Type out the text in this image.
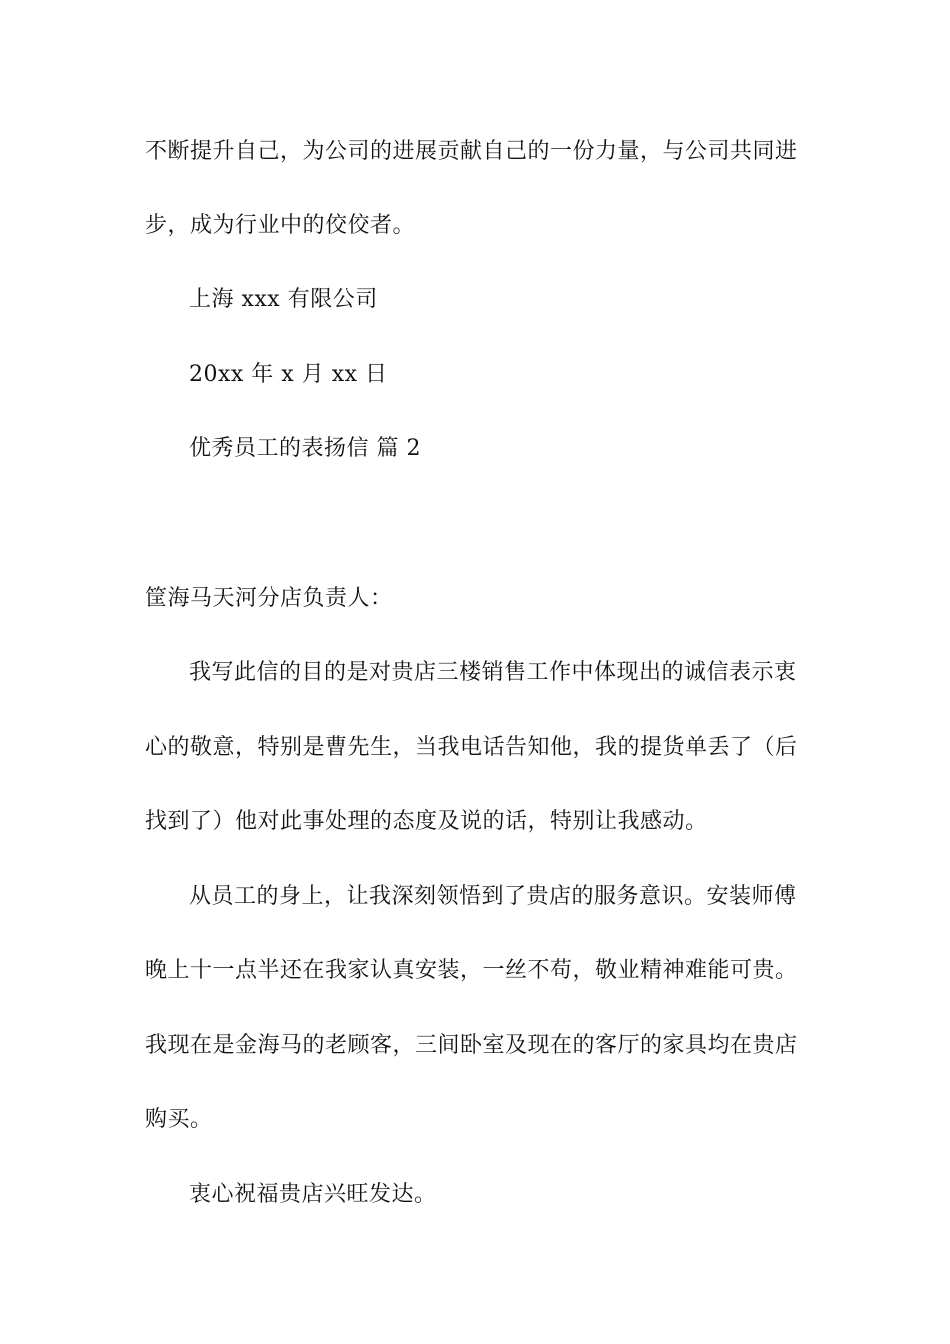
不断提升自己，为公司的进展贡献自己的一份力量，与公司共同进
步，成为行业中的佼佼者。
上海 xxx 有限公司
20xx 年 x 月 xx 日
优秀员工的表扬信 篇 2
筐海马天河分店负责人：
我写此信的目的是对贵店三楼销售工作中体现出的诚信表示衷
心的敬意，特别是曹先生，当我电话告知他，我的提货单丢了（后
找到了）他对此事处理的态度及说的话，特别让我感动。
从员工的身上，让我深刻领悟到了贵店的服务意识。安装师傅
晚上十一点半还在我家认真安装，一丝不苟，敬业精神难能可贵。
我现在是金海马的老顾客，三间卧室及现在的客厅的家具均在贵店
购买。
衷心祝福贵店兴旺发达。
